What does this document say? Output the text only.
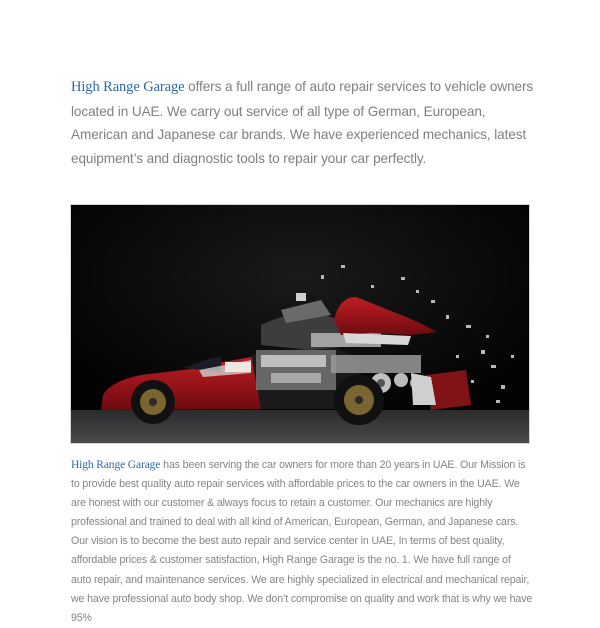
High Range Garage offers a full range of auto repair services to vehicle owners located in UAE. We carry out service of all type of German, European, American and Japanese car brands. We have experienced mechanics, latest equipment’s and diagnostic tools to repair your car perfectly.

High Range Garage has been serving the car owners for more than 20 years in UAE. Our Mission is to provide best quality auto repair services with affordable prices to the car owners in the UAE. We are honest with our customer & always focus to retain a customer. Our mechanics are highly professional and trained to deal with all kind of American, European, German, and Japanese cars. Our vision is to become the best auto repair and service center in UAE, In terms of best quality, affordable prices & customer satisfaction, High Range Garage is the no. 1. We have full range of auto repair, and maintenance services. We are highly specialized in electrical and mechanical repair, we have professional auto body shop. We don’t compromise on quality and work that is why we have 95%
